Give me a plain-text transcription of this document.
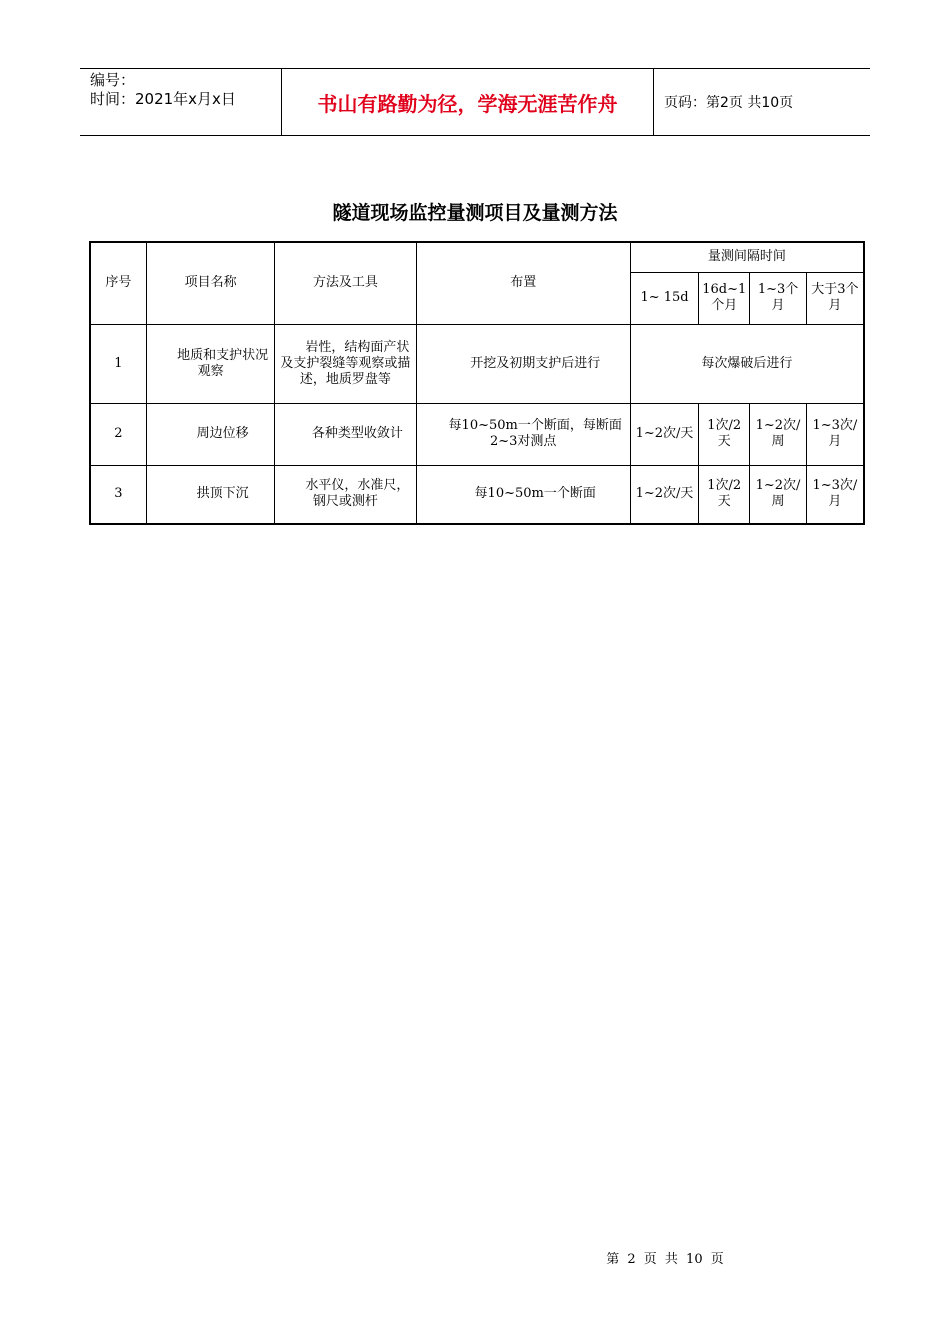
编号：
时间：2021年x月x日	书山有路勤为径，学海无涯苦作舟	页码：第2页 共10页
隧道现场监控量测项目及量测方法
序号	项目名称	方法及工具	布置	量测间隔时间			
				1~ 15d	16d~1个月	1~3个月	大于3个月
1	地质和支护状况观察	岩性，结构面产状及支护裂缝等观察或描述，地质罗盘等	开挖及初期支护后进行	每次爆破后进行			
2	周边位移	各种类型收敛计	每10~50m一个断面，每断面2~3对测点	1~2次/天	1次/2天	1~2次/周	1~3次/月
3	拱顶下沉	水平仪，水准尺，钢尺或测杆	每10~50m一个断面	1~2次/天	1次/2天	1~2次/周	1~3次/月
第 2 页 共 10 页
